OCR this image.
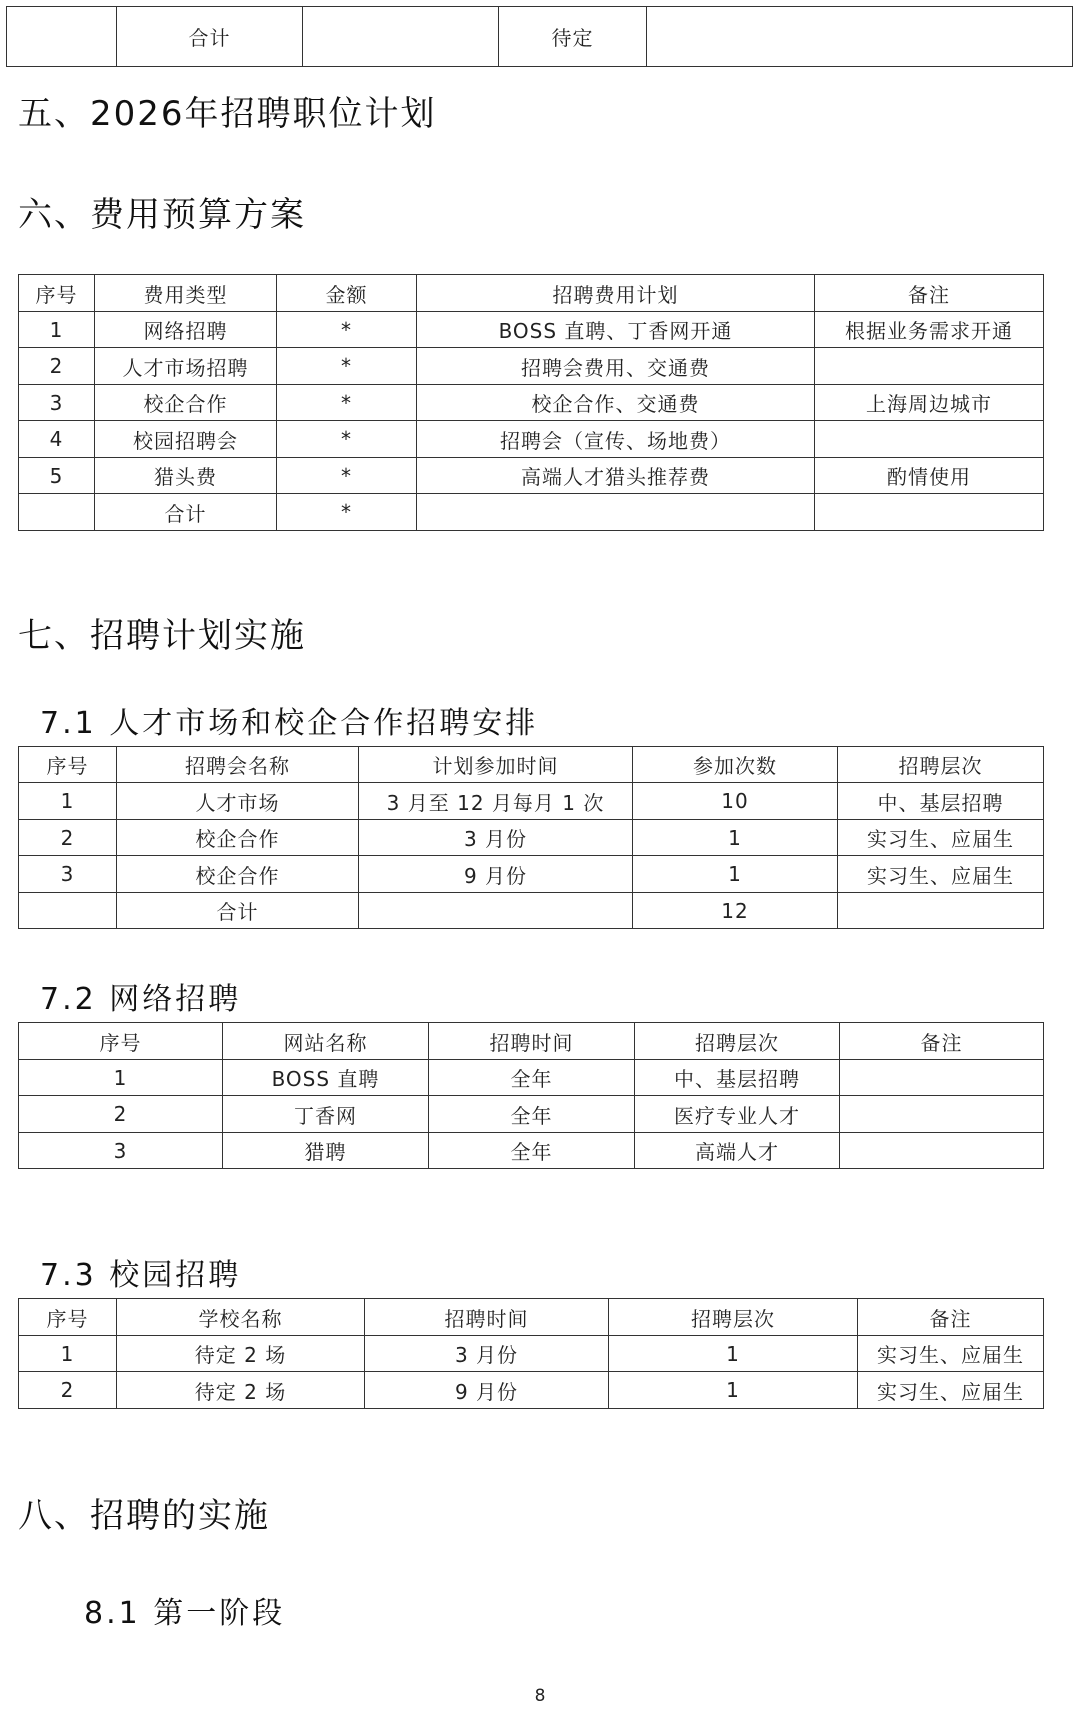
	合计		待定	
五、2026年招聘职位计划
六、费用预算方案
序号	费用类型	金额	招聘费用计划	备注
1	网络招聘	*	BOSS 直聘、丁香网开通	根据业务需求开通
2	人才市场招聘	*	招聘会费用、交通费	
3	校企合作	*	校企合作、交通费	上海周边城市
4	校园招聘会	*	招聘会（宣传、场地费）	
5	猎头费	*	高端人才猎头推荐费	酌情使用
	合计	*		
七、招聘计划实施
7.1 人才市场和校企合作招聘安排
序号	招聘会名称	计划参加时间	参加次数	招聘层次
1	人才市场	3 月至 12 月每月 1 次	10	中、基层招聘
2	校企合作	3 月份	1	实习生、应届生
3	校企合作	9 月份	1	实习生、应届生
	合计		12	
7.2 网络招聘
序号	网站名称	招聘时间	招聘层次	备注
1	BOSS 直聘	全年	中、基层招聘	
2	丁香网	全年	医疗专业人才	
3	猎聘	全年	高端人才	
7.3 校园招聘
序号	学校名称	招聘时间	招聘层次	备注
1	待定 2 场	3 月份	1	实习生、应届生
2	待定 2 场	9 月份	1	实习生、应届生
八、招聘的实施
8.1 第一阶段
8
